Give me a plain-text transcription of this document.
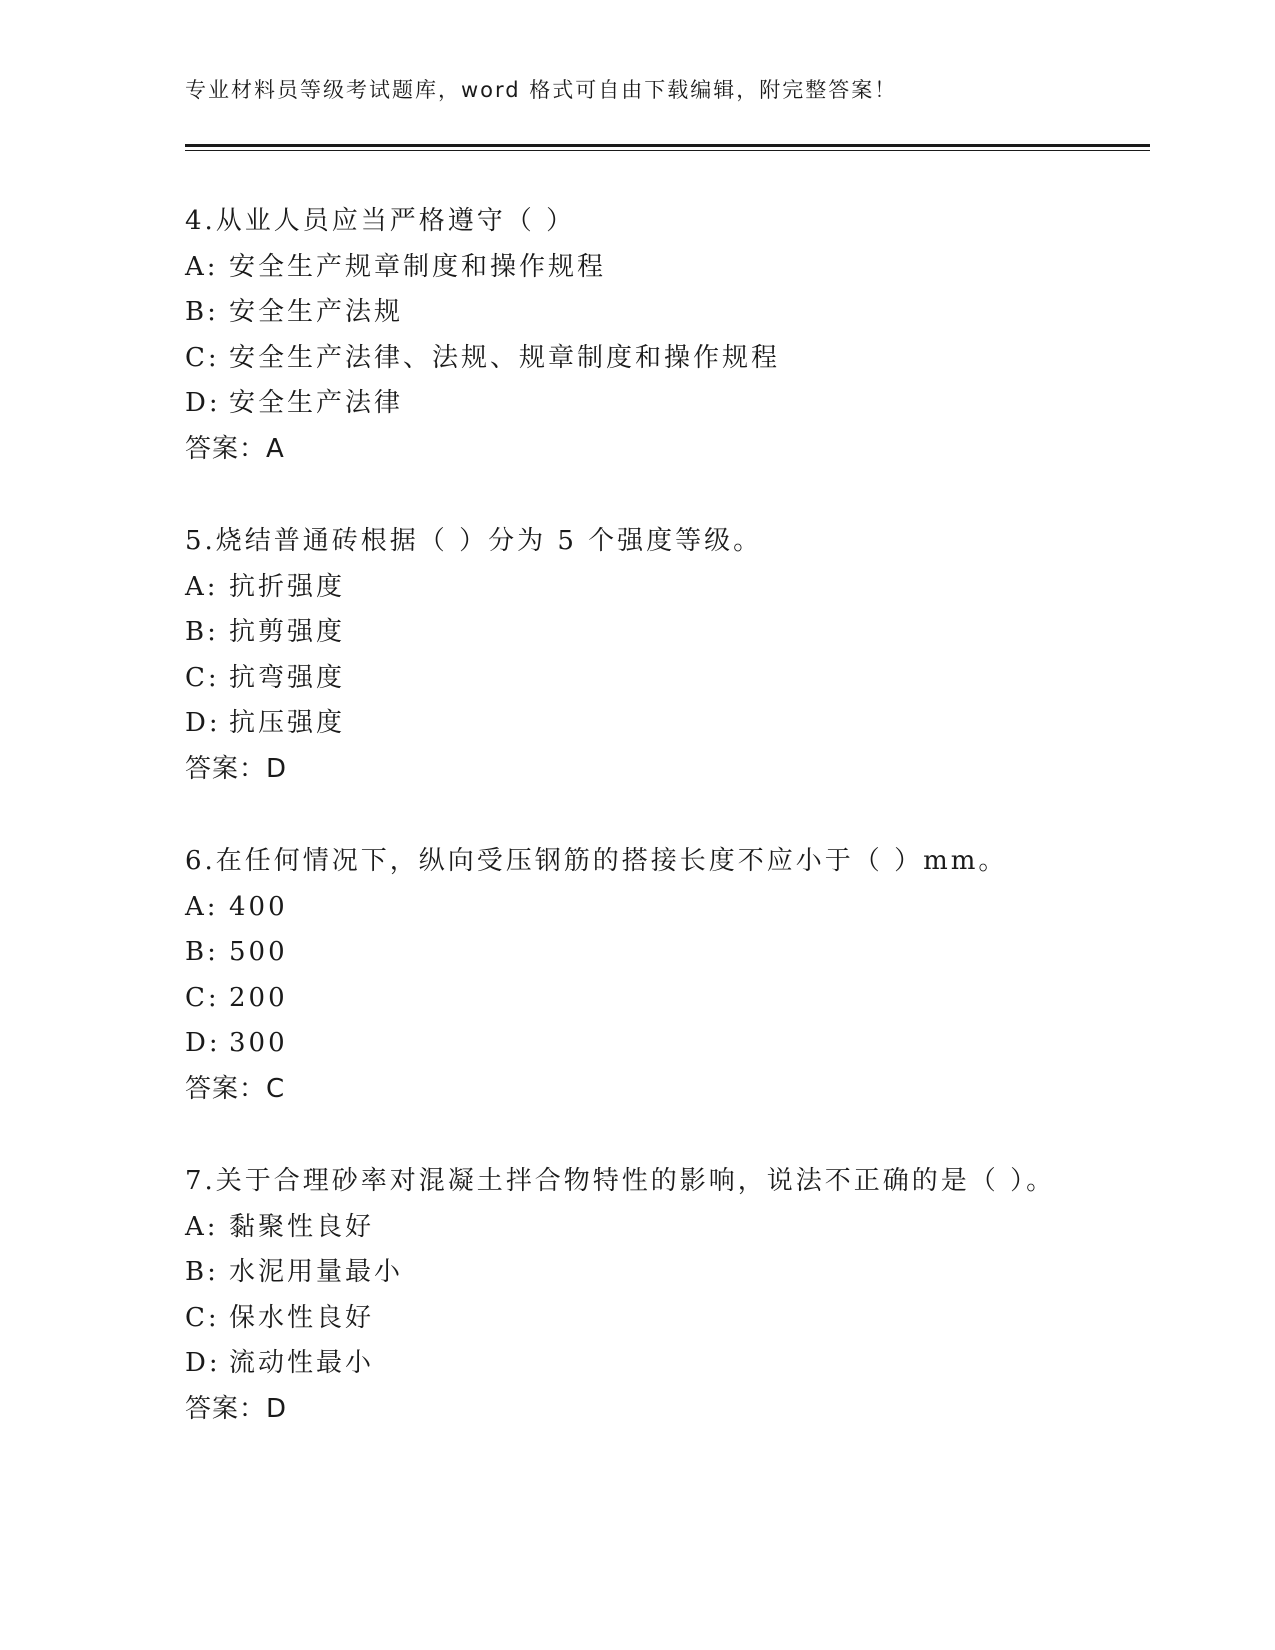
专业材料员等级考试题库，word 格式可自由下载编辑，附完整答案！
4.从业人员应当严格遵守（ ）
A: 安全生产规章制度和操作规程
B: 安全生产法规
C: 安全生产法律、法规、规章制度和操作规程
D: 安全生产法律
答案：A
5.烧结普通砖根据（ ）分为 5 个强度等级。
A: 抗折强度
B: 抗剪强度
C: 抗弯强度
D: 抗压强度
答案：D
6.在任何情况下，纵向受压钢筋的搭接长度不应小于（ ）mm。
A: 400
B: 500
C: 200
D: 300
答案：C
7.关于合理砂率对混凝土拌合物特性的影响，说法不正确的是（ ）。
A: 黏聚性良好
B: 水泥用量最小
C: 保水性良好
D: 流动性最小
答案：D
